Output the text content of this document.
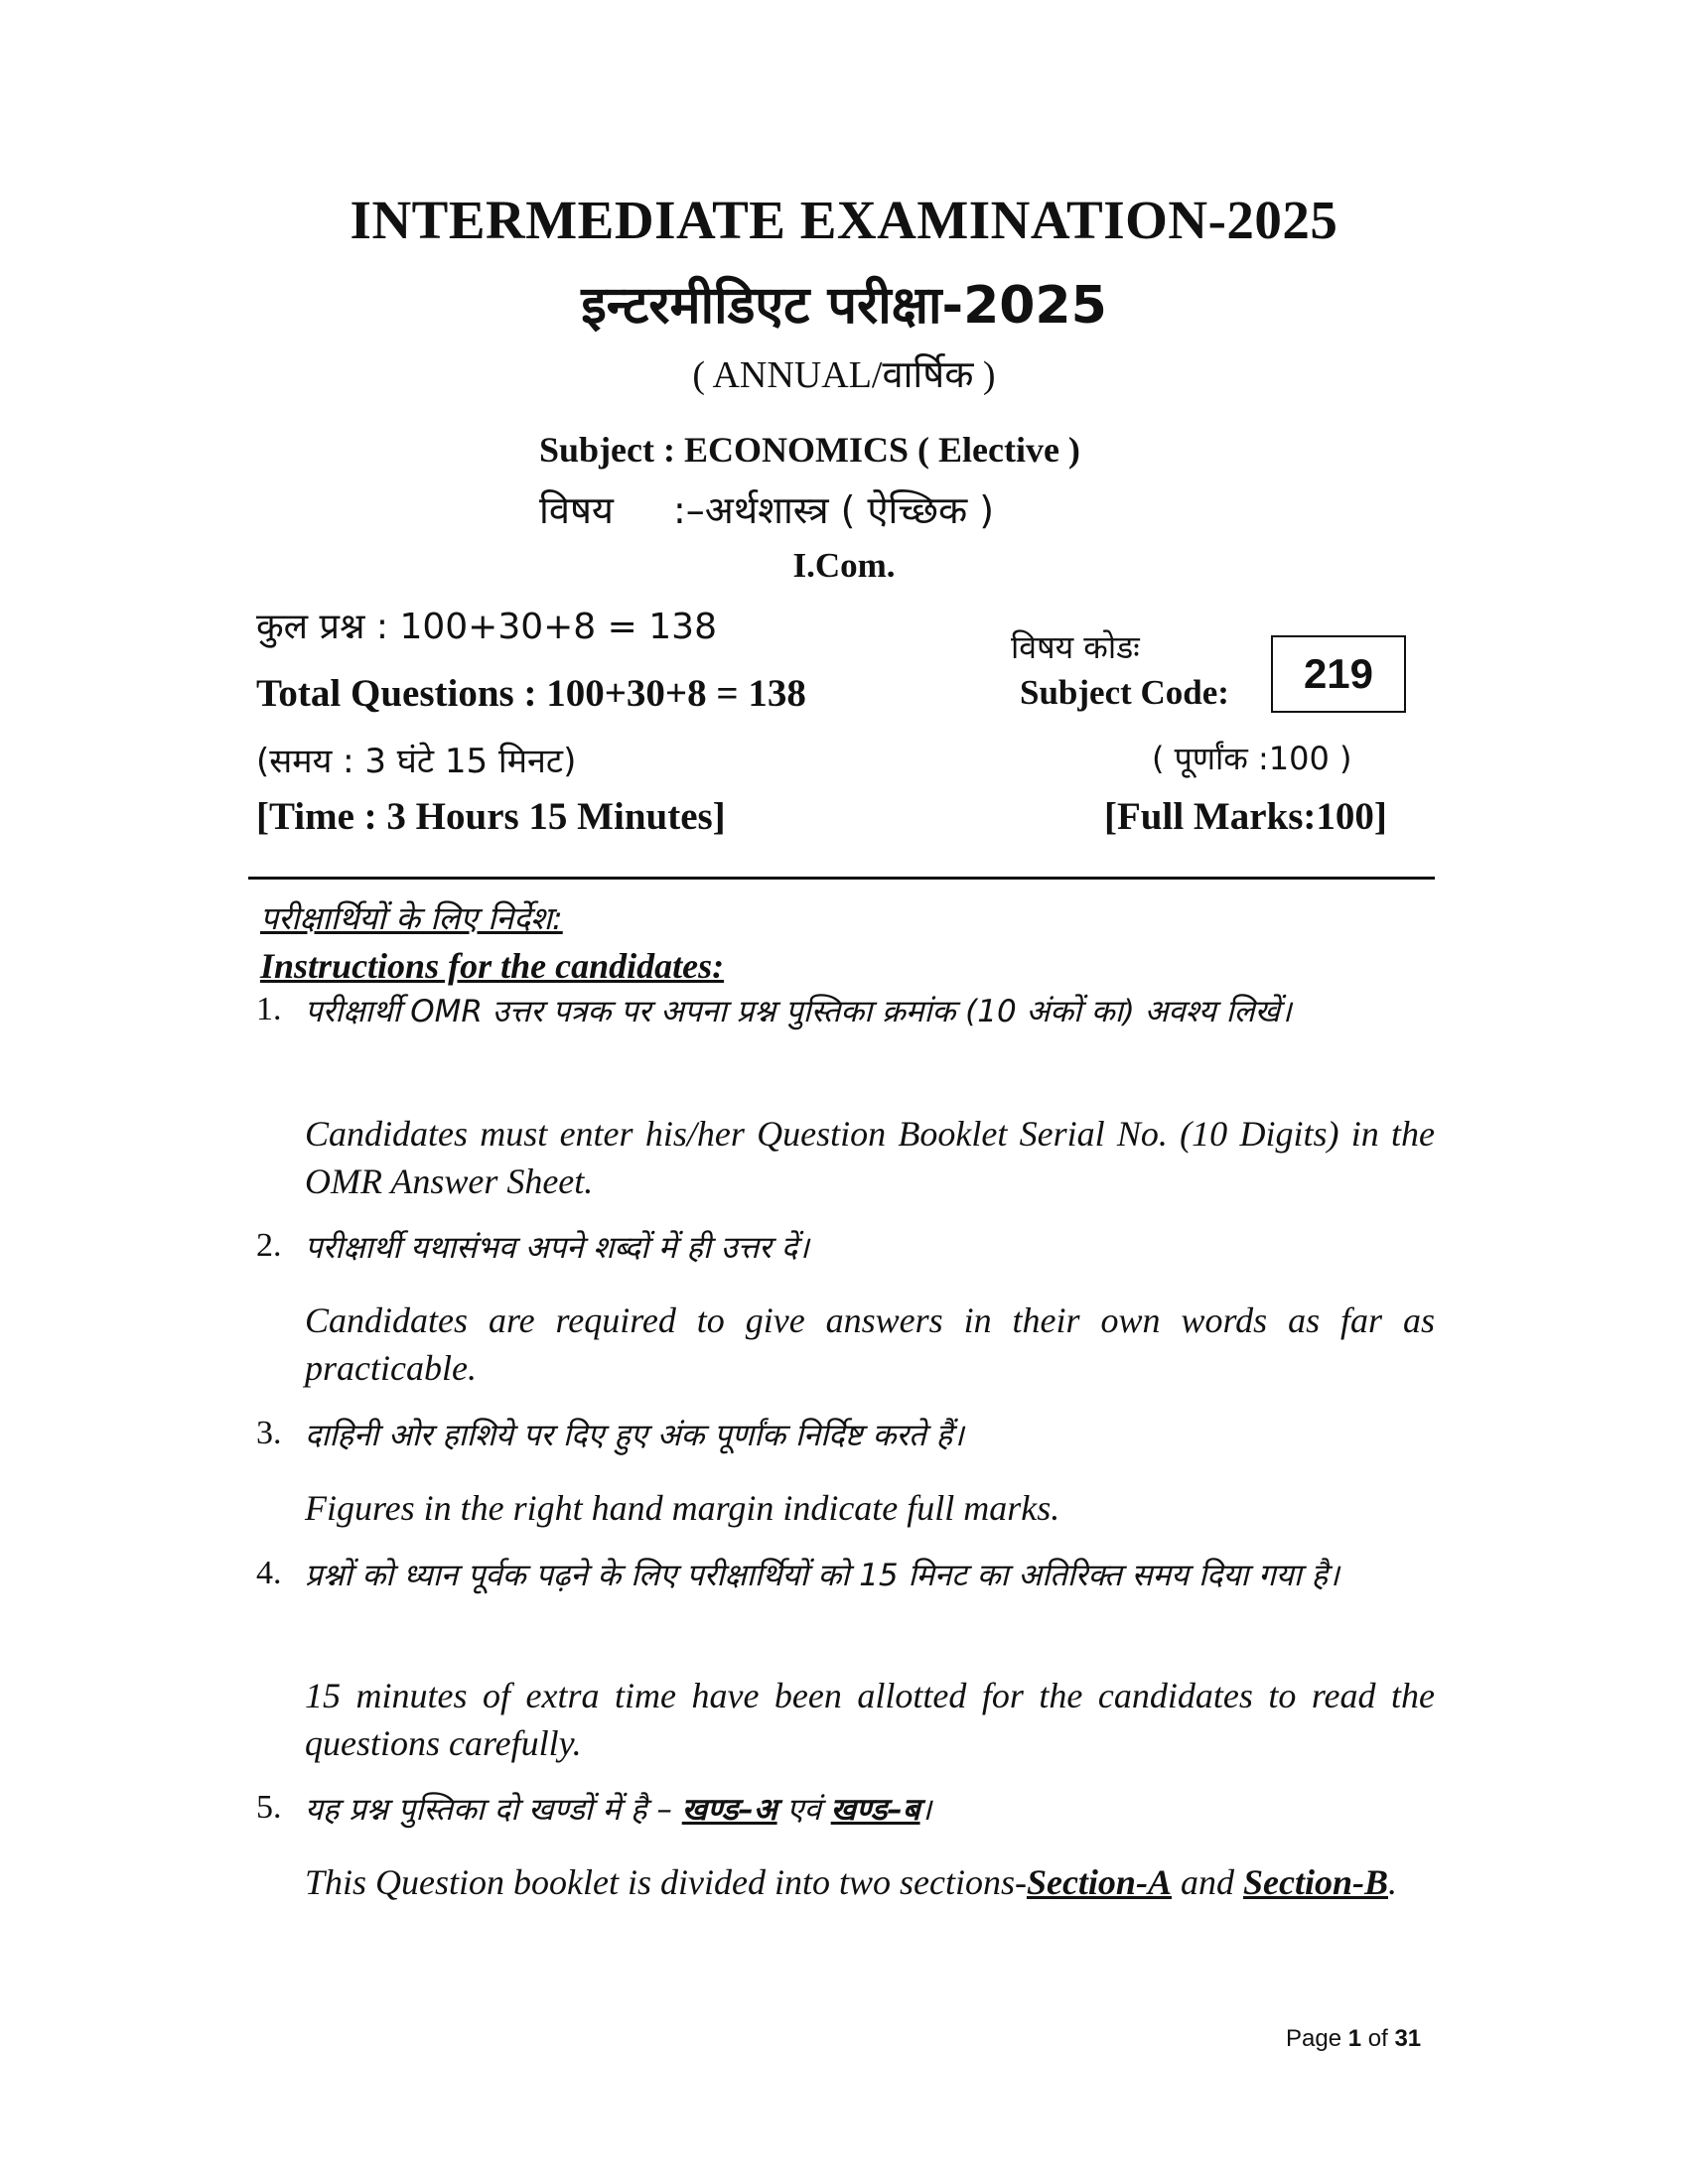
INTERMEDIATE EXAMINATION-2025
इन्टरमीडिएट परीक्षा-2025
( ANNUAL/वार्षिक )
Subject : ECONOMICS ( Elective )
विषय :–अर्थशास्त्र ( ऐच्छिक )
I.Com.
कुल प्रश्न : 100+30+8 = 138
Total Questions : 100+30+8 = 138
(समय : 3 घंटे 15 मिनट)
[Time : 3 Hours 15 Minutes]
विषय कोडः
Subject Code:	219
( पूर्णांक :100 )
[Full Marks:100]
परीक्षार्थियों के लिए निर्देश:
Instructions for the candidates:
1. परीक्षार्थी OMR उत्तर पत्रक पर अपना प्रश्न पुस्तिका क्रमांक (10 अंकों का) अवश्य लिखें।
Candidates must enter his/her Question Booklet Serial No. (10 Digits) in the OMR Answer Sheet.
2. परीक्षार्थी यथासंभव अपने शब्दों में ही उत्तर दें।
Candidates are required to give answers in their own words as far as practicable.
3. दाहिनी ओर हाशिये पर दिए हुए अंक पूर्णांक निर्दिष्ट करते हैं।
Figures in the right hand margin indicate full marks.
4. प्रश्नों को ध्यान पूर्वक पढ़ने के लिए परीक्षार्थियों को 15 मिनट का अतिरिक्त समय दिया गया है।
15 minutes of extra time have been allotted for the candidates to read the questions carefully.
5. यह प्रश्न पुस्तिका दो खण्डों में है – खण्ड–अ एवं खण्ड–ब।
This Question booklet is divided into two sections-Section-A and Section-B.
Page 1 of 31
